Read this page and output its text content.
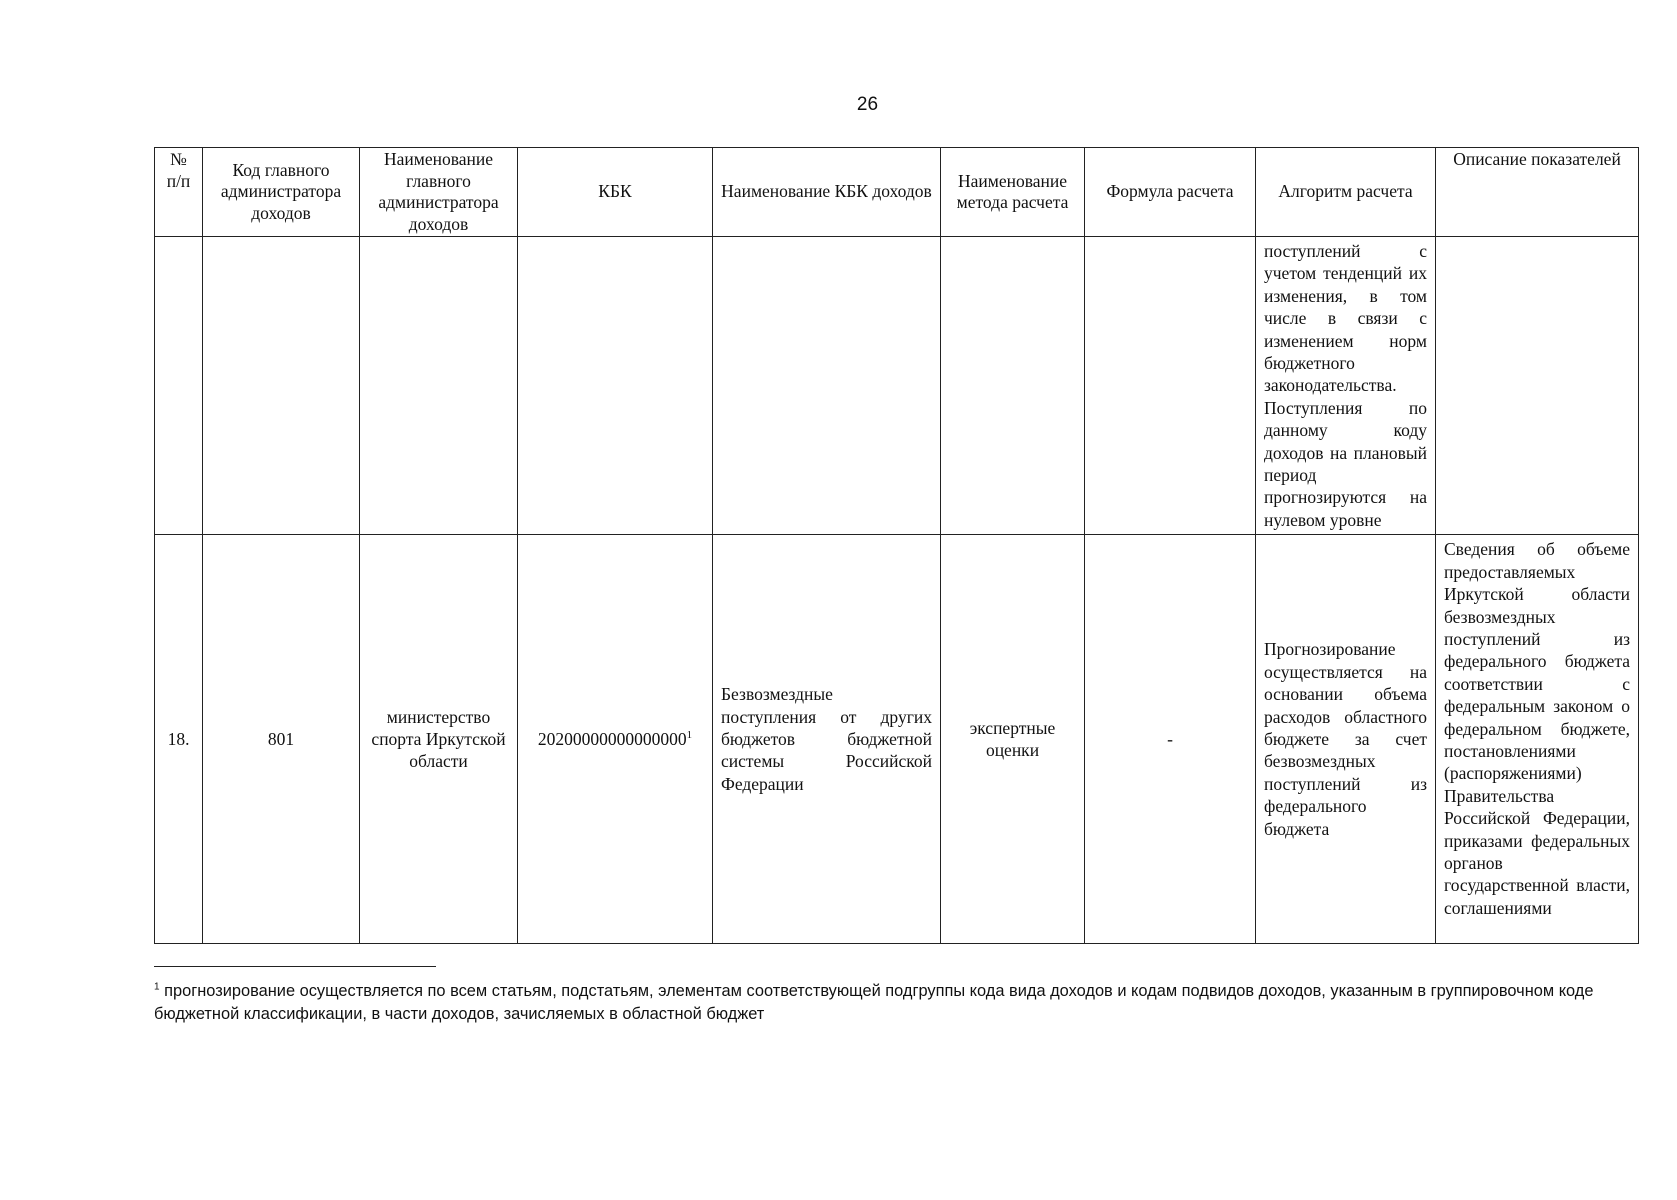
26
№ п/п	Код главного администратора доходов	Наименование главного администратора доходов	КБК	Наименование КБК доходов	Наименование метода расчета	Формула расчета	Алгоритм расчета	Описание показателей

							поступлений с учетом тенденций их изменения, в том числе в связи с изменением норм бюджетного законодательства. Поступления по данному коду доходов на плановый период прогнозируются на нулевом уровне	

18.	801	министерство спорта Иркутской области	20200000000000000$^1$	Безвозмездные поступления от других бюджетов бюджетной системы Российской Федерации	экспертные оценки	-	Прогнозирование осуществляется на основании объема расходов областного бюджете за счет безвозмездных поступлений из федерального бюджета	Сведения об объеме предоставляемых Иркутской области безвозмездных поступлений из федерального бюджета соответствии с федеральным законом о федеральном бюджете, постановлениями (распоряжениями) Правительства Российской Федерации, приказами федеральных органов государственной власти, соглашениями
$^1$ прогнозирование осуществляется по всем статьям, подстатьям, элементам соответствующей подгруппы кода вида доходов и кодам подвидов доходов, указанным в группировочном коде бюджетной классификации, в части доходов, зачисляемых в областной бюджет
